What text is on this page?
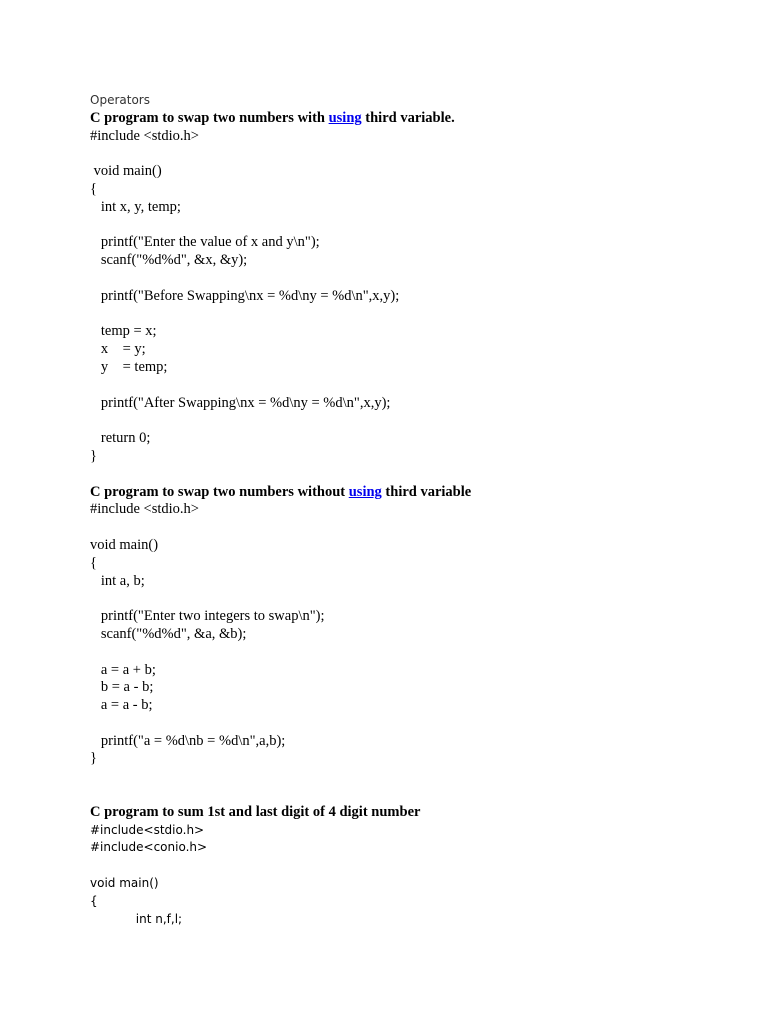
Operators
C program to swap two numbers with using third variable.
#include <stdio.h>
void main()
{
int x, y, temp;
printf("Enter the value of x and y\n");
scanf("%d%d", &x, &y);
printf("Before Swapping\nx = %d\ny = %d\n",x,y);
temp = x;
x    = y;
y    = temp;
printf("After Swapping\nx = %d\ny = %d\n",x,y);
return 0;
}
C program to swap two numbers without using third variable
#include <stdio.h>
void main()
{
int a, b;
printf("Enter two integers to swap\n");
scanf("%d%d", &a, &b);
a = a + b;
b = a - b;
a = a - b;
printf("a = %d\nb = %d\n",a,b);
}
C program to sum 1st and last digit of 4 digit number
#include<stdio.h>
#include<conio.h>
void main()
{
int n,f,l;
